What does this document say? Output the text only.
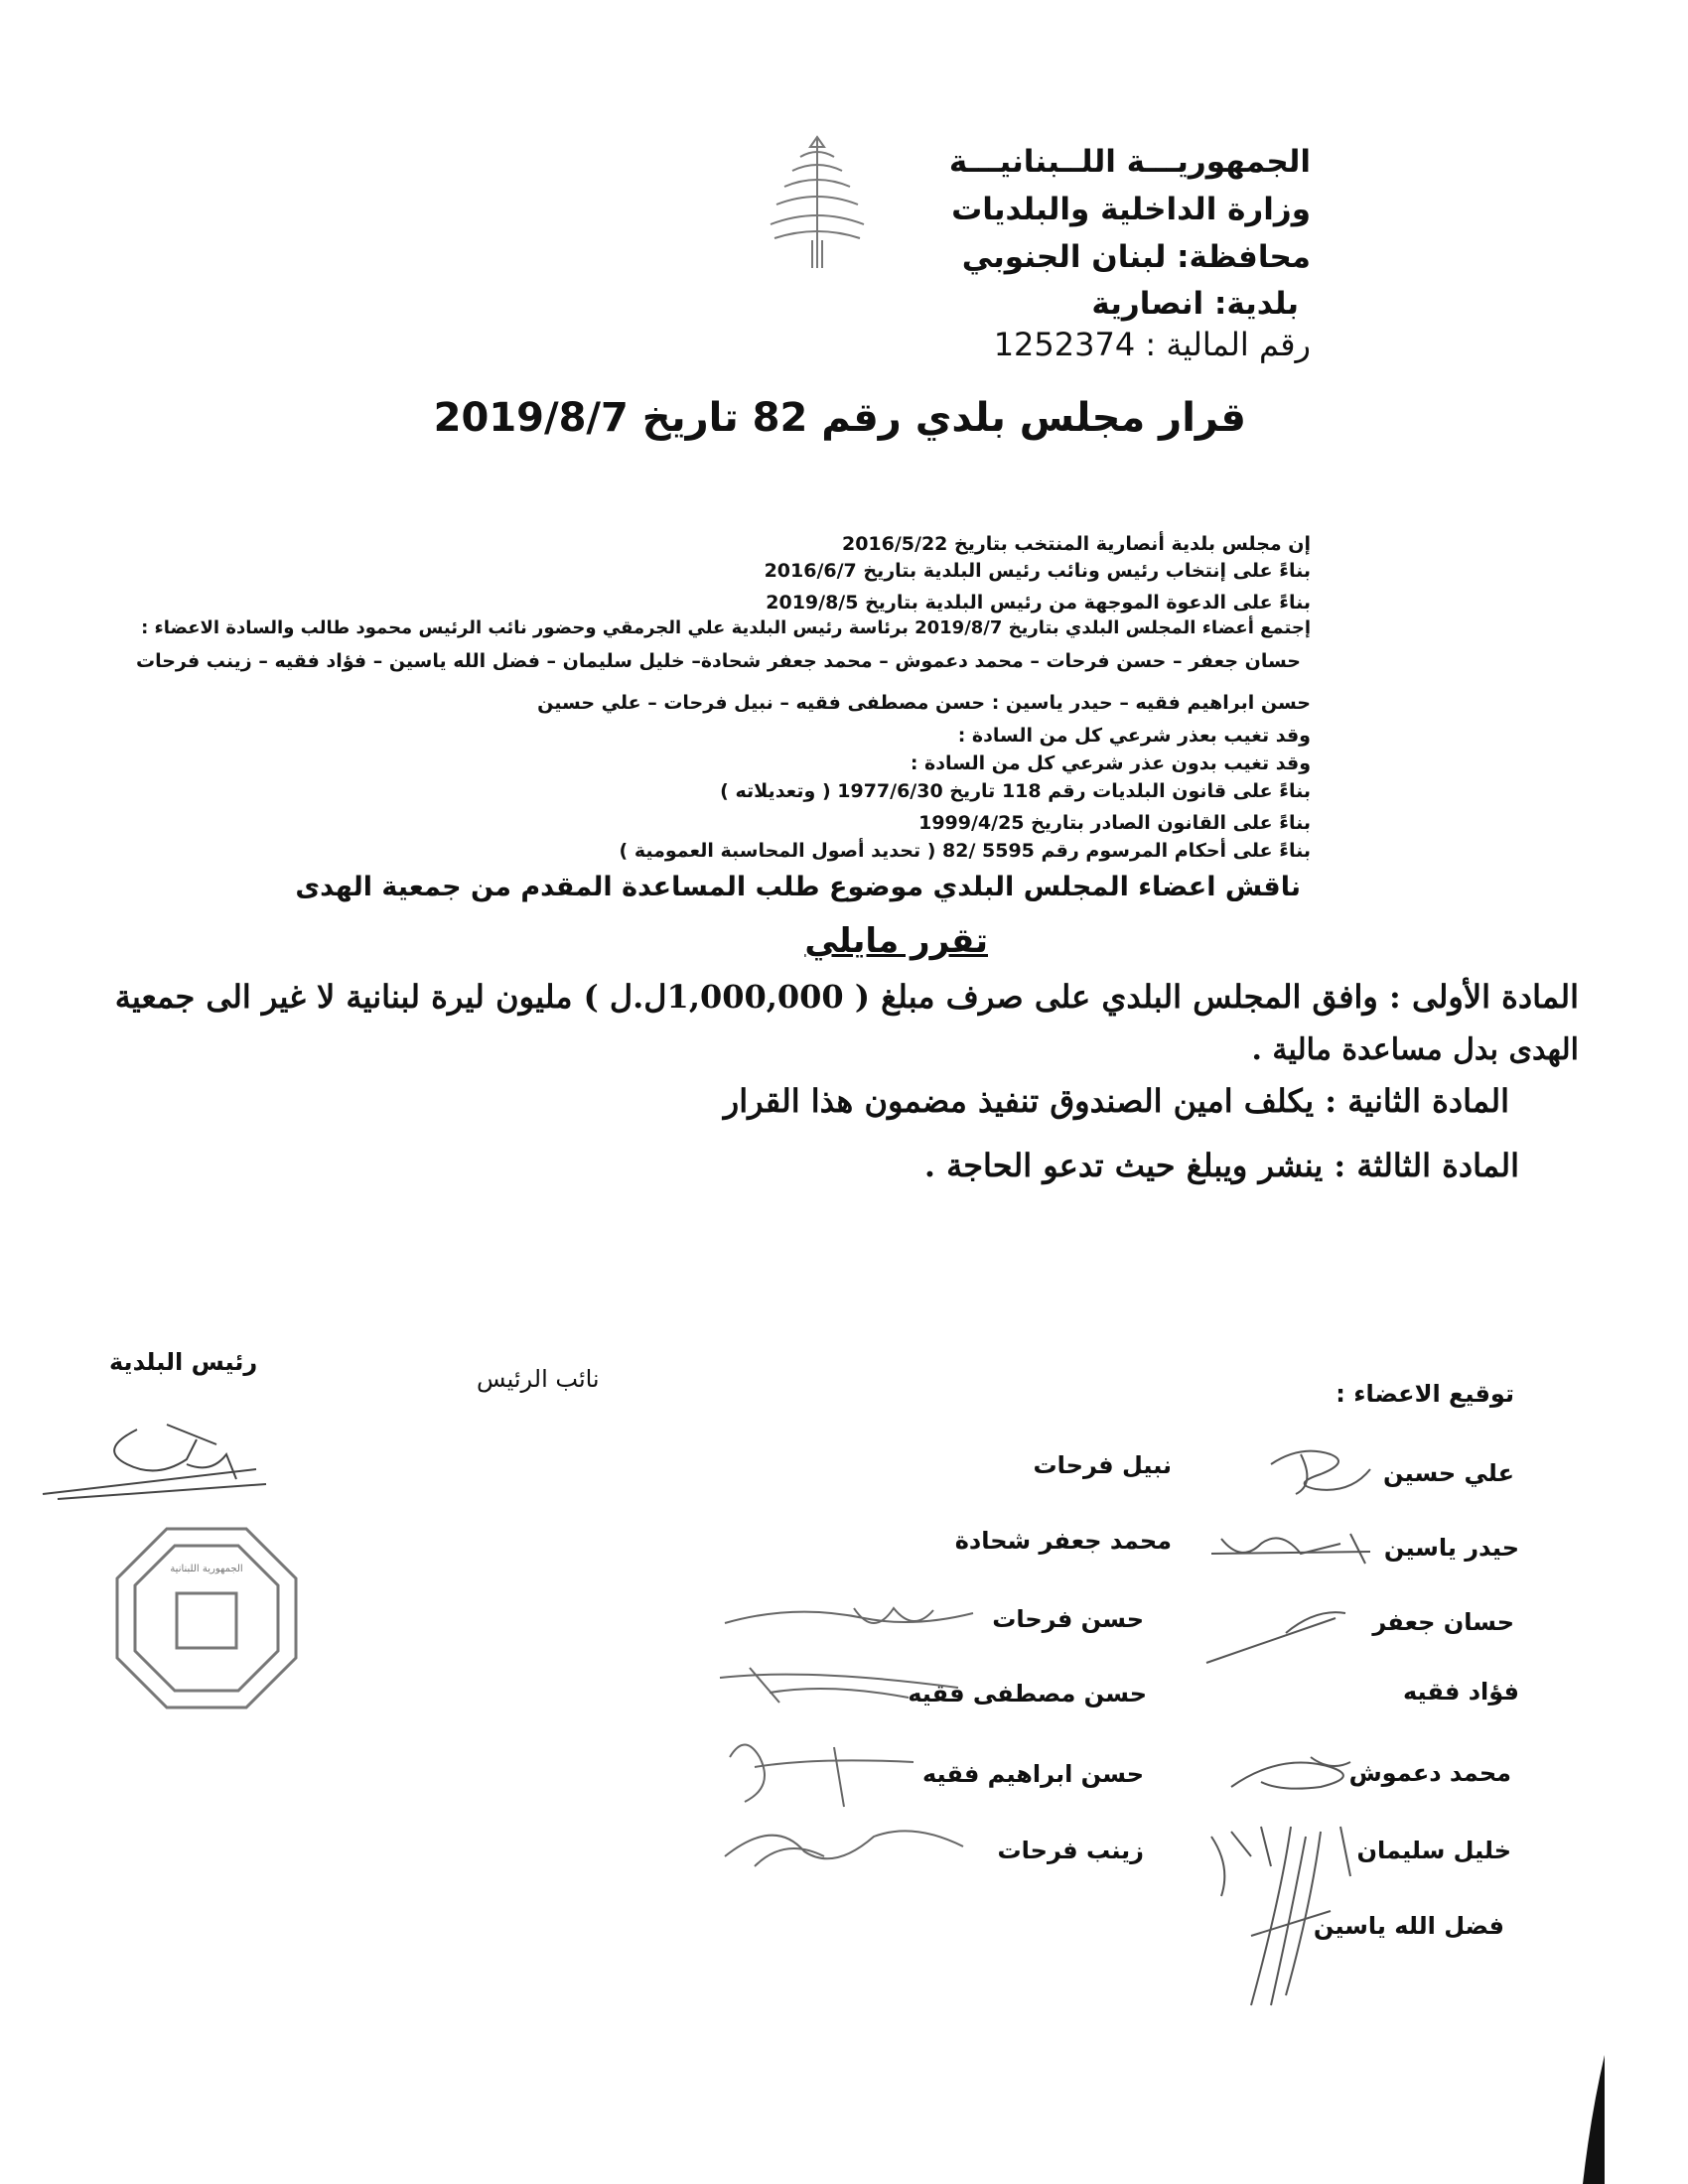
الجمهوريـــة اللــبنانيـــة
وزارة الداخلية والبلديات
محافظة: لبنان الجنوبي
بلدية: انصارية
رقم المالية : 1252374
قرار مجلس بلدي رقم 82 تاريخ 2019/8/7
إن مجلس بلدية أنصارية المنتخب بتاريخ 2016/5/22
بناءً على إنتخاب رئيس ونائب رئيس البلدية بتاريخ 2016/6/7
بناءً على الدعوة الموجهة من رئيس البلدية بتاريخ 2019/8/5
إجتمع أعضاء المجلس البلدي بتاريخ 2019/8/7 برئاسة رئيس البلدية علي الجرمقي وحضور نائب الرئيس محمود طالب والسادة الاعضاء :
حسان جعفر – حسن فرحات – محمد دعموش – محمد جعفر شحادة– خليل سليمان – فضل الله ياسين – فؤاد فقيه – زينب فرحات
حسن ابراهيم فقيه – حيدر ياسين : حسن مصطفى فقيه – نبيل فرحات – علي حسين
وقد تغيب بعذر شرعي كل من السادة :
وقد تغيب بدون عذر شرعي كل من السادة :
بناءً على قانون البلديات رقم 118 تاريخ 1977/6/30 ( وتعديلاته )
بناءً على القانون الصادر بتاريخ 1999/4/25
بناءً على أحكام المرسوم رقم 5595 /82 ( تحديد أصول المحاسبة العمومية )
ناقش اعضاء المجلس البلدي موضوع طلب المساعدة المقدم من جمعية الهدى
تقرر مايلي
المادة الأولى : وافق المجلس البلدي على صرف مبلغ ( 1,000,000ل.ل ) مليون ليرة لبنانية لا غير الى جمعية
الهدى بدل مساعدة مالية .
المادة الثانية : يكلف امين الصندوق تنفيذ مضمون هذا القرار
المادة الثالثة : ينشر ويبلغ حيث تدعو الحاجة .
رئيس البلدية
نائب الرئيس
توقيع الاعضاء :
علي حسين
حيدر ياسين
حسان جعفر
فؤاد فقيه
محمد دعموش
خليل سليمان
فضل الله ياسين
نبيل فرحات
محمد جعفر شحادة
حسن فرحات
حسن مصطفى فقيه
حسن ابراهيم فقيه
زينب فرحات
الجمهورية اللبنانية
